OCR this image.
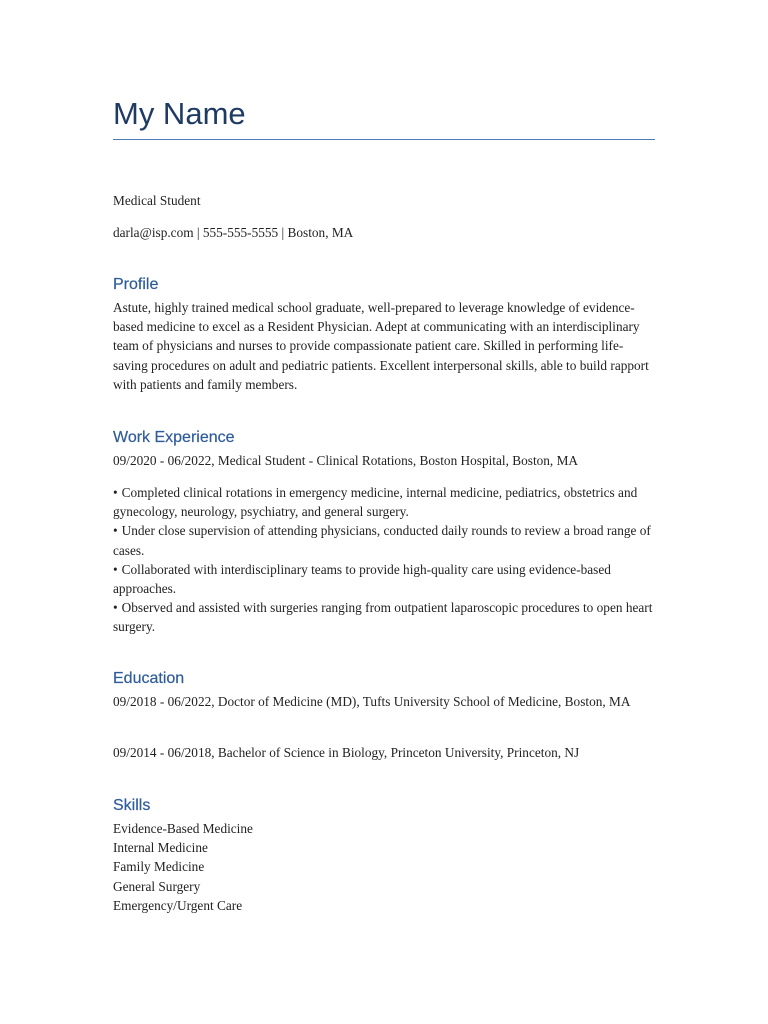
My Name

Medical Student

darla@isp.com | 555-555-5555 | Boston, MA

Profile

Astute, highly trained medical school graduate, well-prepared to leverage knowledge of evidence-based medicine to excel as a Resident Physician. Adept at communicating with an interdisciplinary team of physicians and nurses to provide compassionate patient care. Skilled in performing life-saving procedures on adult and pediatric patients. Excellent interpersonal skills, able to build rapport with patients and family members.

Work Experience

09/2020 - 06/2022, Medical Student - Clinical Rotations, Boston Hospital, Boston, MA

• Completed clinical rotations in emergency medicine, internal medicine, pediatrics, obstetrics and gynecology, neurology, psychiatry, and general surgery.
• Under close supervision of attending physicians, conducted daily rounds to review a broad range of cases.
• Collaborated with interdisciplinary teams to provide high-quality care using evidence-based approaches.
• Observed and assisted with surgeries ranging from outpatient laparoscopic procedures to open heart surgery.
Education

09/2018 - 06/2022, Doctor of Medicine (MD), Tufts University School of Medicine, Boston, MA

09/2014 - 06/2018, Bachelor of Science in Biology, Princeton University, Princeton, NJ

Skills
Evidence-Based Medicine
Internal Medicine
Family Medicine
General Surgery
Emergency/Urgent Care
